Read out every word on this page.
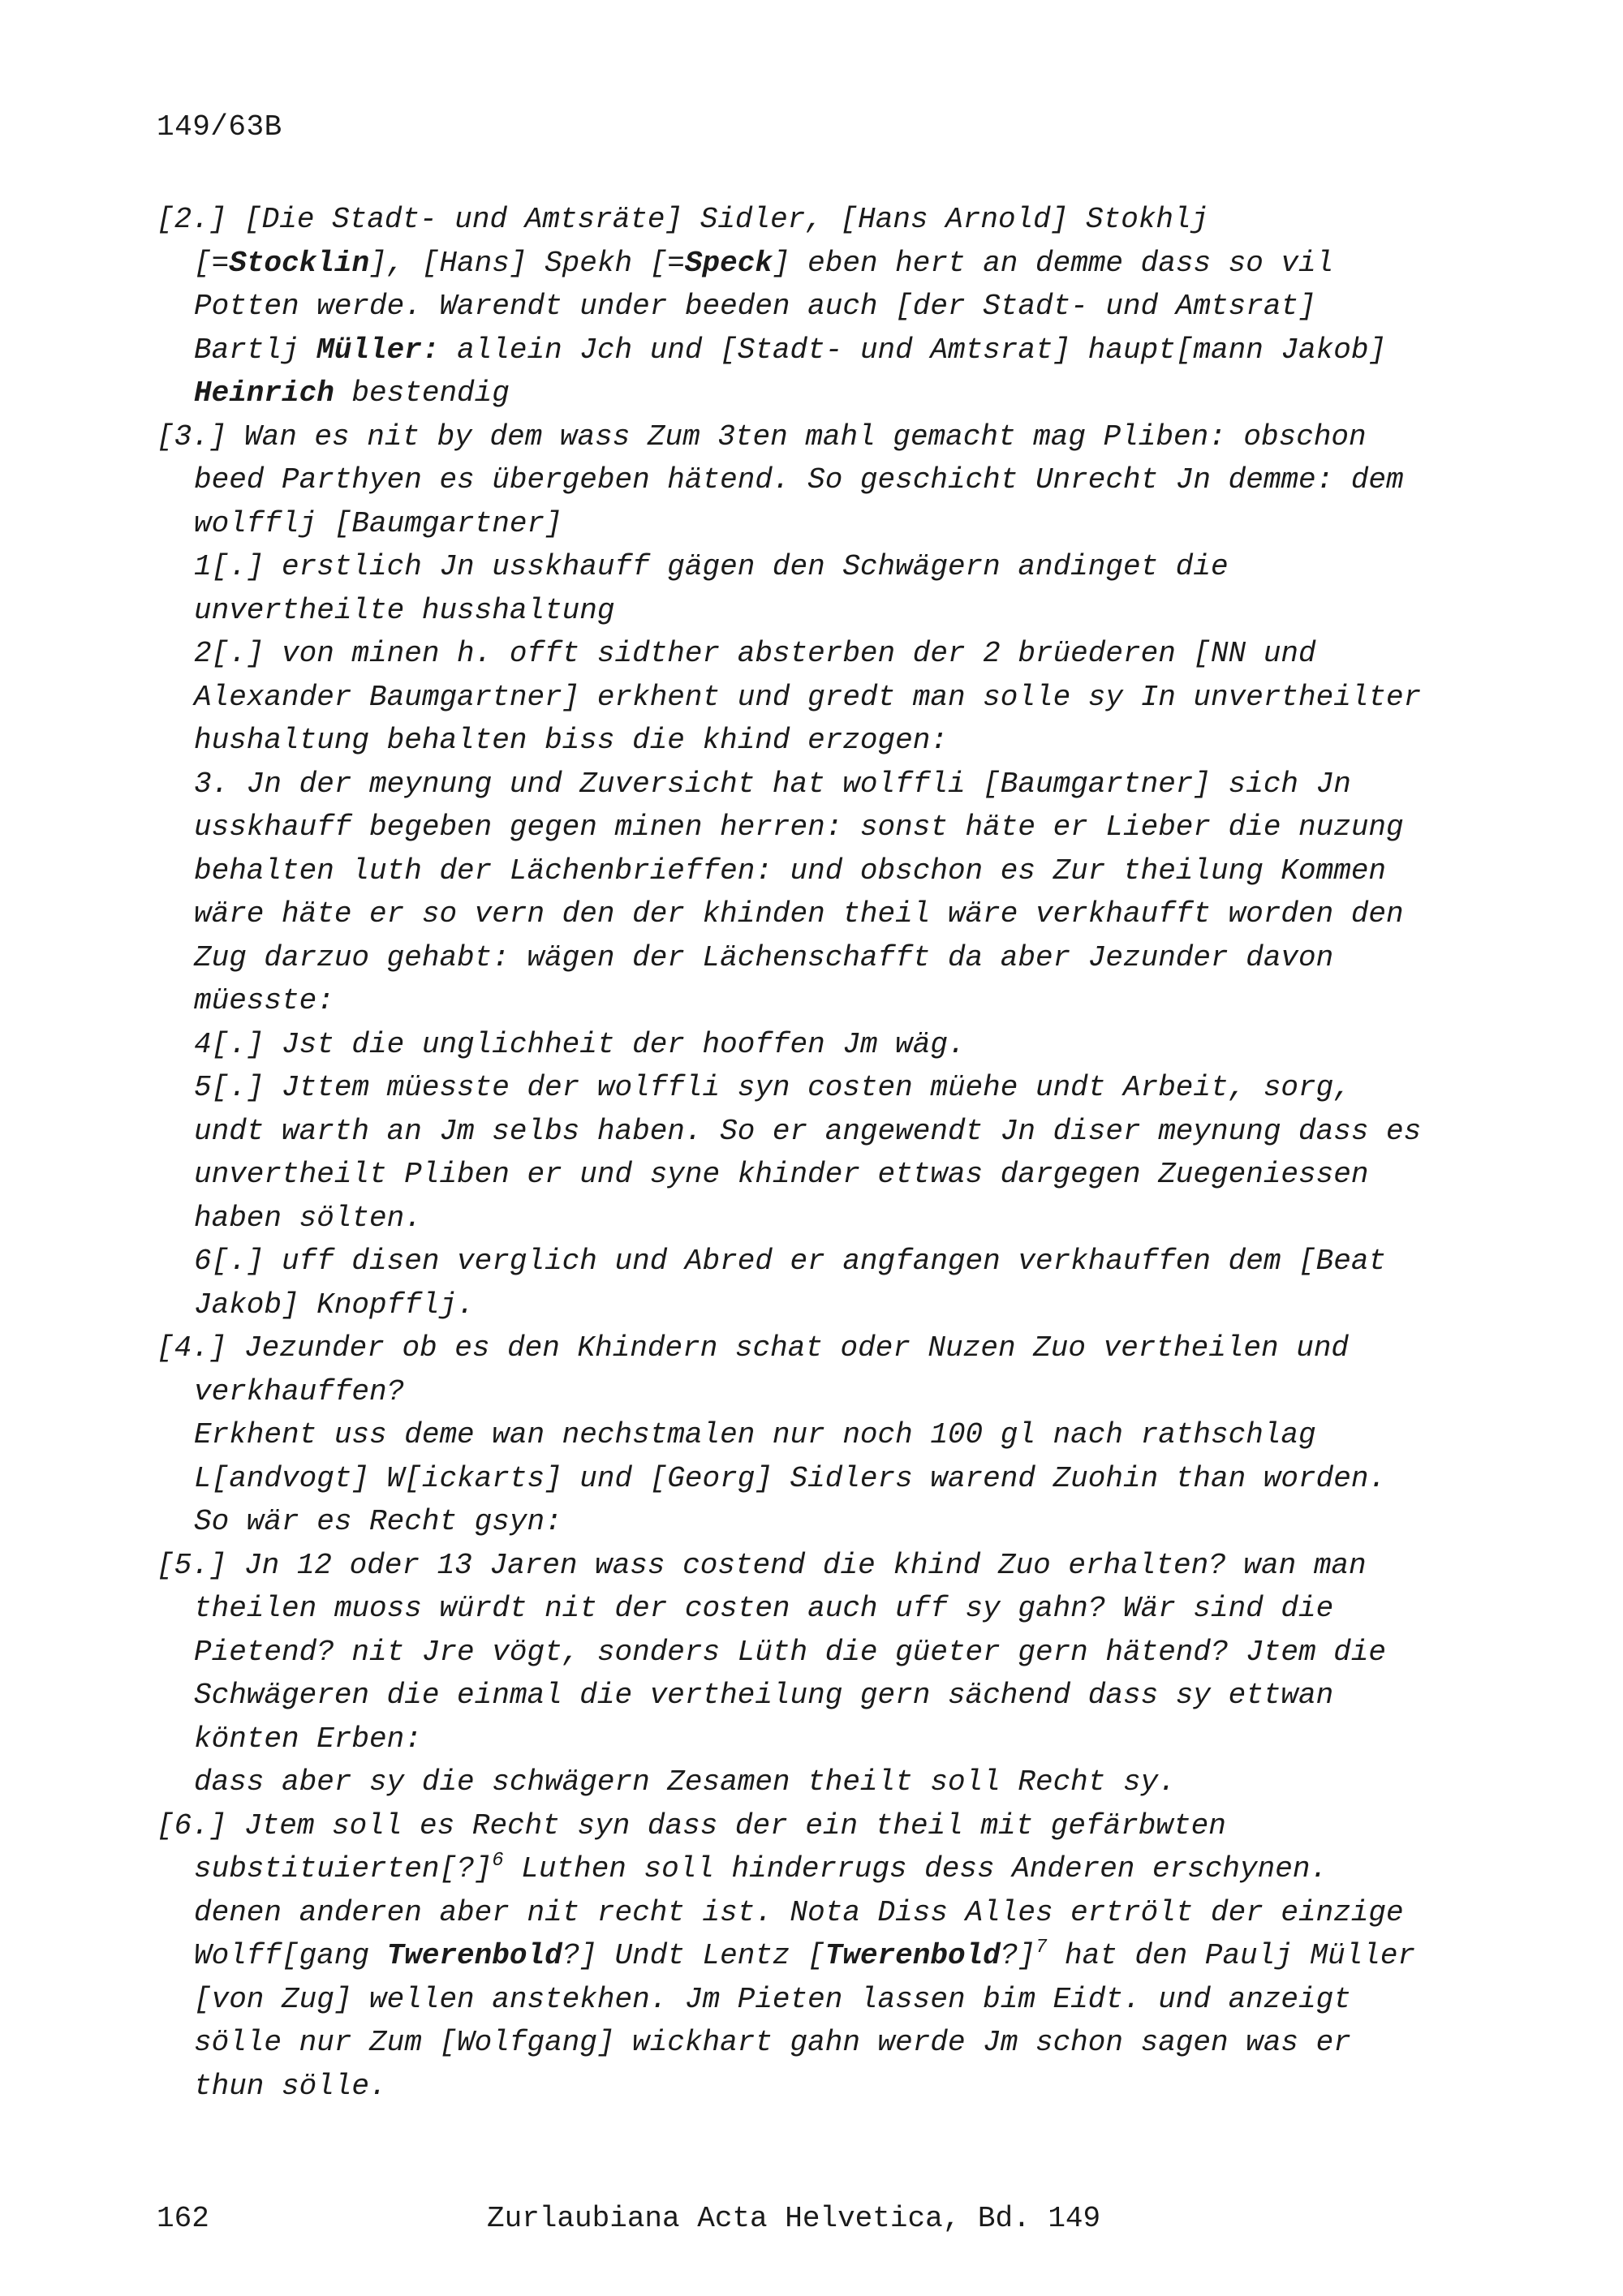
149/63B

[2.] [Die Stadt- und Amtsräte] Sidler, [Hans Arnold] Stokhlj [=Stocklin], [Hans] Spekh [=Speck] eben hert an demme dass so vil Potten werde. Warendt under beeden auch [der Stadt- und Amtsrat] Bartlj Müller: allein Jch und [Stadt- und Amtsrat] haupt[mann Jakob] Heinrich bestendig

[3.] Wan es nit by dem wass Zum 3ten mahl gemacht mag Pliben: obschon beed Parthyen es übergeben hätend. So geschicht Unrecht Jn demme: dem wolfflj [Baumgartner]

1[.] erstlich Jn usskhauff gägen den Schwägern andinget die unvertheilte husshaltung

2[.] von minen h. offt sidther absterben der 2 brüederen [NN und Alexander Baumgartner] erkhent und gredt man solle sy In unvertheilter hushaltung behalten biss die khind erzogen:

3. Jn der meynung und Zuversicht hat wolffli [Baumgartner] sich Jn usskhauff begeben gegen minen herren: sonst häte er Lieber die nuzung behalten luth der Lächenbrieffen: und obschon es Zur theilung Kommen wäre häte er so vern den der khinden theil wäre verkhaufft worden den Zug darzuo gehabt: wägen der Lächenschafft da aber Jezunder davon müesste:

4[.] Jst die unglichheit der hooffen Jm wäg.

5[.] Jttem müesste der wolffli syn costen müehe undt Arbeit, sorg, undt warth an Jm selbs haben. So er angewendt Jn diser meynung dass es unvertheilt Pliben er und syne khinder ettwas dargegen Zuegeniessen haben sölten.

6[.] uff disen verglich und Abred er angfangen verkhauffen dem [Beat Jakob] Knopfflj.

[4.] Jezunder ob es den Khindern schat oder Nuzen Zuo vertheilen und verkhauffen?

Erkhent uss deme wan nechstmalen nur noch 100 gl nach rathschlag L[andvogt] W[ickarts] und [Georg] Sidlers warend Zuohin than worden. So wär es Recht gsyn:

[5.] Jn 12 oder 13 Jaren wass costend die khind Zuo erhalten? wan man theilen muoss würdt nit der costen auch uff sy gahn? Wär sind die Pietend? nit Jre vögt, sonders Lüth die güeter gern hätend? Jtem die Schwägeren die einmal die vertheilung gern sächend dass sy ettwan könten Erben:

dass aber sy die schwägern Zesamen theilt soll Recht sy.

[6.] Jtem soll es Recht syn dass der ein theil mit gefärbwten substituierten[?]$^6$ Luthen soll hinderrugs dess Anderen erschynen. denen anderen aber nit recht ist. Nota Diss Alles ertrölt der einzige Wolff[gang Twerenbold?] Undt Lentz [Twerenbold?]$^7$ hat den Paulj Müller [von Zug] wellen anstekhen. Jm Pieten lassen bim Eidt. und anzeigt sölle nur Zum [Wolfgang] wickhart gahn werde Jm schon sagen was er thun sölle.

162	Zurlaubiana Acta Helvetica, Bd. 149
